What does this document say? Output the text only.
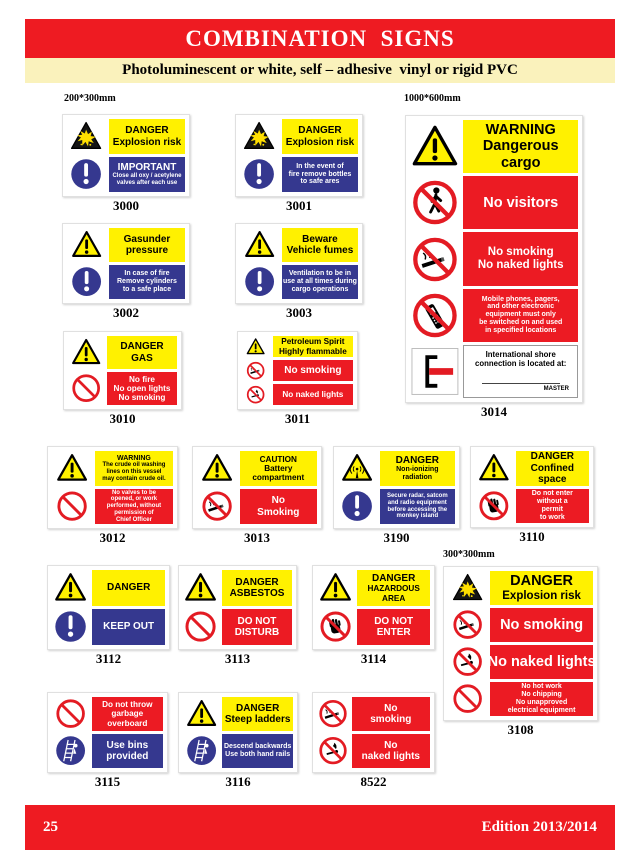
COMBINATION  SIGNS
Photoluminescent or white, self – adhesive  vinyl or rigid PVC
200*300mm	1000*600mm
300*300mm
DANGER
Explosion risk
IMPORTANT
Close all oxy / acetylene
valves after each use
3000
DANGER
Explosion risk
In the event of
fire remove bottles
to safe ares
3001
Gasunder
pressure
In case of fire
Remove cylinders
to a safe place
3002
Beware
Vehicle fumes
Ventilation to be in
use at all times during
cargo operations
3003
DANGER
GAS
No fire
No open lights
No smoking
3010
Petroleum Spirit
Highly flammable
No smoking
No naked lights
3011
WARNING
Dangerous
cargo
No visitors
No smoking
No naked lights
Mobile phones, pagers,
and other electronic
equipment must only
be switched on and used
in specified locations
International shore
connection is located at:
MASTER
3014
WARNING
The crude oil washing
lines on this vessel
may contain crude oil.
No valves to be
opened, or work
performed, without
permission of
Chief Officer
3012
CAUTION
Battery
compartment
No
Smoking
3013
DANGER
Non-ionizing
radiation
Secure radar, satcom
and radio equipment
before accessing the
monkey island
3190
DANGER
Confined
space
Do not enter
without a
permit
to work
3110
DANGER
KEEP OUT
3112
DANGER
ASBESTOS
DO NOT
DISTURB
3113
DANGER
HAZARDOUS
AREA
DO NOT
ENTER
3114
DANGER
Explosion risk
No smoking
No naked lights
No hot work
No chipping
No unapproved
electrical equipment
3108
Do not throw
garbage
overboard
Use bins
provided
3115
DANGER
Steep ladders
Descend backwards
Use both hand rails
3116
No
smoking
No
naked lights
8522
25	Edition 2013/2014
